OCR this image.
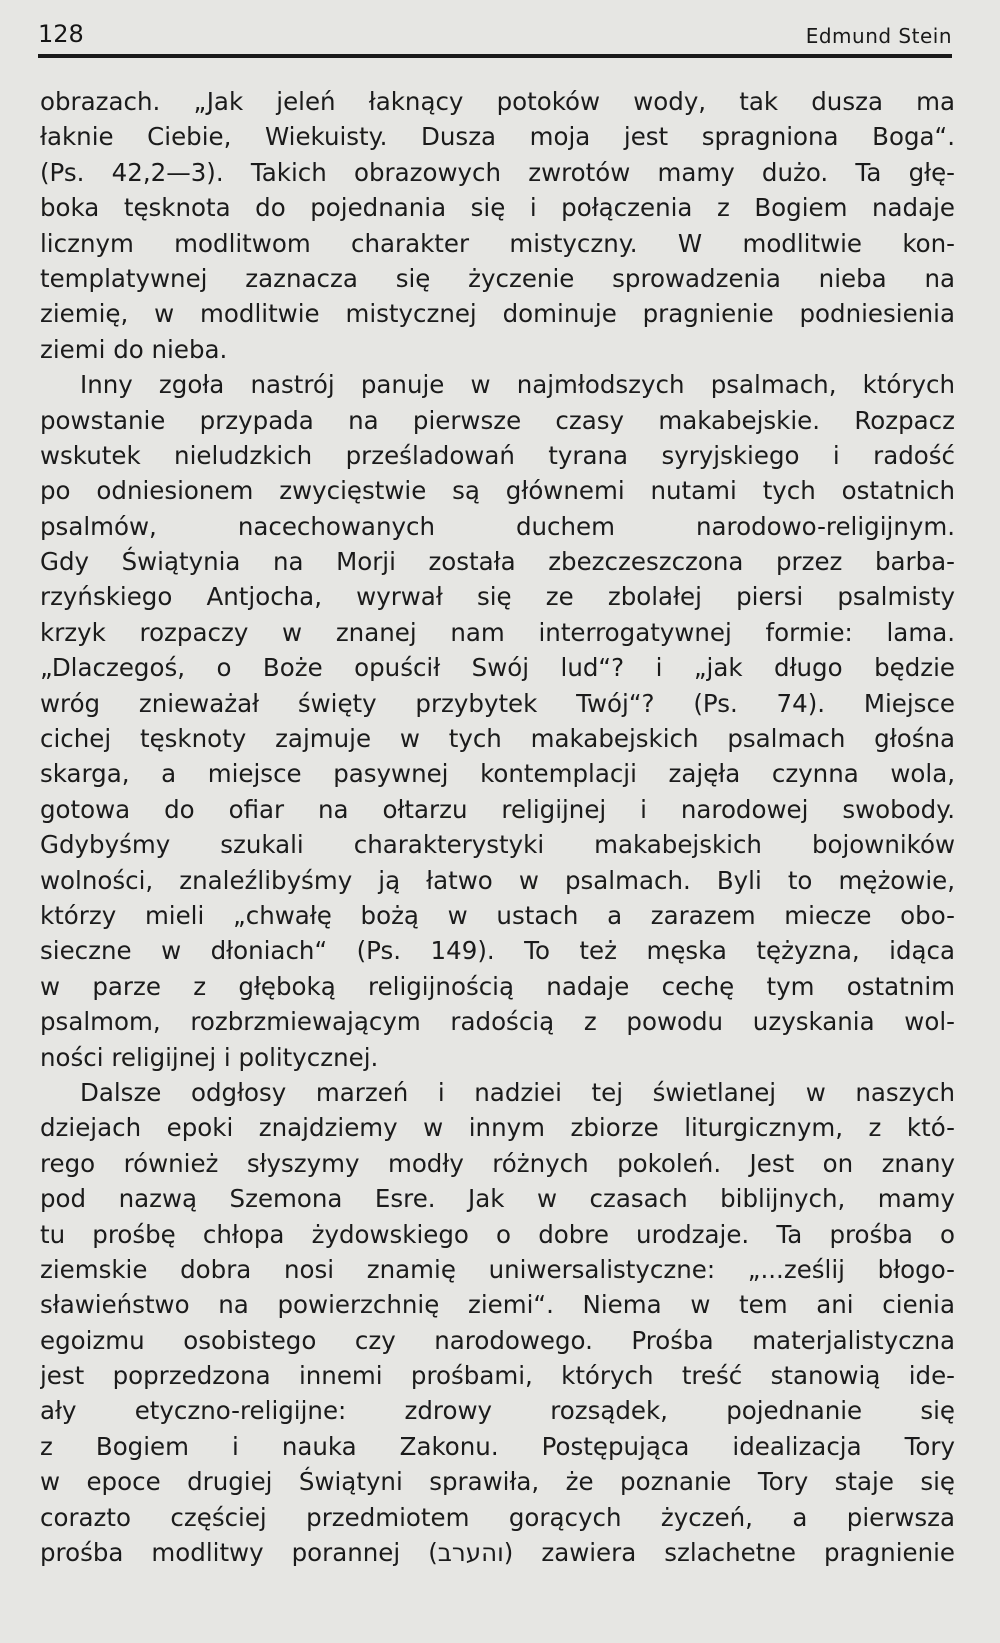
128	Edmund Stein
obrazach. „Jak jeleń łaknący potoków wody, tak dusza ma
łaknie Ciebie, Wiekuisty. Dusza moja jest spragniona Boga“.
(Ps. 42,2—3). Takich obrazowych zwrotów mamy dużo. Ta głę-
boka tęsknota do pojednania się i połączenia z Bogiem nadaje
licznym modlitwom charakter mistyczny. W modlitwie kon-
templatywnej zaznacza się życzenie sprowadzenia nieba na
ziemię, w modlitwie mistycznej dominuje pragnienie podniesienia
ziemi do nieba.
Inny zgoła nastrój panuje w najmłodszych psalmach, których
powstanie przypada na pierwsze czasy makabejskie. Rozpacz
wskutek nieludzkich prześladowań tyrana syryjskiego i radość
po odniesionem zwycięstwie są głównemi nutami tych ostatnich
psalmów, nacechowanych duchem narodowo-religijnym.
Gdy Świątynia na Morji została zbezczeszczona przez barba-
rzyńskiego Antjocha, wyrwał się ze zbolałej piersi psalmisty
krzyk rozpaczy w znanej nam interrogatywnej formie: lama.
„Dlaczegoś, o Boże opuścił Swój lud“? i „jak długo będzie
wróg znieważał święty przybytek Twój“? (Ps. 74). Miejsce
cichej tęsknoty zajmuje w tych makabejskich psalmach głośna
skarga, a miejsce pasywnej kontemplacji zajęła czynna wola,
gotowa do ofiar na ołtarzu religijnej i narodowej swobody.
Gdybyśmy szukali charakterystyki makabejskich bojowników
wolności, znaleźlibyśmy ją łatwo w psalmach. Byli to mężowie,
którzy mieli „chwałę bożą w ustach a zarazem miecze obo-
sieczne w dłoniach“ (Ps. 149). To też męska tężyzna, idąca
w parze z głęboką religijnością nadaje cechę tym ostatnim
psalmom, rozbrzmiewającym radością z powodu uzyskania wol-
ności religijnej i politycznej.
Dalsze odgłosy marzeń i nadziei tej świetlanej w naszych
dziejach epoki znajdziemy w innym zbiorze liturgicznym, z któ-
rego również słyszymy modły różnych pokoleń. Jest on znany
pod nazwą Szemona Esre. Jak w czasach biblijnych, mamy
tu prośbę chłopa żydowskiego o dobre urodzaje. Ta prośba o
ziemskie dobra nosi znamię uniwersalistyczne: „...ześlij błogo-
sławieństwo na powierzchnię ziemi“. Niema w tem ani cienia
egoizmu osobistego czy narodowego. Prośba materjalistyczna
jest poprzedzona innemi prośbami, których treść stanowią ide-
ały etyczno-religijne: zdrowy rozsądek, pojednanie się
z Bogiem i nauka Zakonu. Postępująca idealizacja Tory
w epoce drugiej Świątyni sprawiła, że poznanie Tory staje się
corazto częściej przedmiotem gorących życzeń, a pierwsza
prośba modlitwy porannej (והערב) zawiera szlachetne pragnienie
